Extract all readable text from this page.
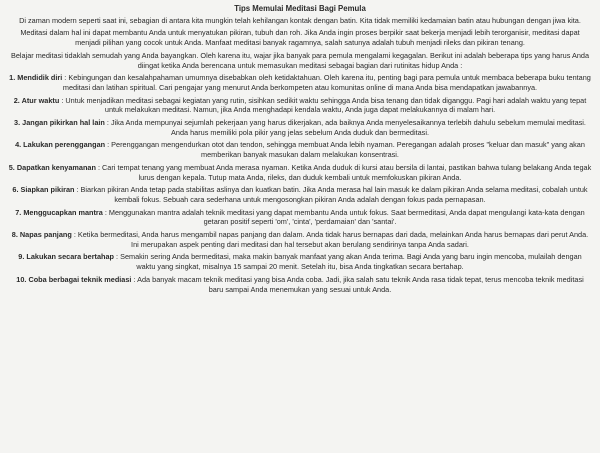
Tips Memulai Meditasi Bagi Pemula

Di zaman modern seperti saat ini, sebagian di antara kita mungkin telah kehilangan kontak dengan batin. Kita tidak memiliki kedamaian batin atau hubungan dengan jiwa kita.

Meditasi dalam hal ini dapat membantu Anda untuk menyatukan pikiran, tubuh dan roh. Jika Anda ingin proses berpikir saat bekerja menjadi lebih terorganisir, meditasi dapat menjadi pilihan yang cocok untuk Anda. Manfaat meditasi banyak ragamnya, salah satunya adalah tubuh menjadi rileks dan pikiran tenang.

Belajar meditasi tidaklah semudah yang Anda bayangkan. Oleh karena itu, wajar jika banyak para pemula mengalami kegagalan. Berikut ini adalah beberapa tips yang harus Anda diingat ketika Anda berencana untuk memasukan meditasi sebagai bagian dari rutinitas hidup Anda :

1. Mendidik diri : Kebingungan dan kesalahpahaman umumnya disebabkan oleh ketidaktahuan. Oleh karena itu, penting bagi para pemula untuk membaca beberapa buku tentang meditasi dan latihan spiritual. Cari pengajar yang menurut Anda berkompeten atau komunitas online di mana Anda bisa mendapatkan jawabannya.
2. Atur waktu : Untuk menjadikan meditasi sebagai kegiatan yang rutin, sisihkan sedikit waktu sehingga Anda bisa tenang dan tidak diganggu. Pagi hari adalah waktu yang tepat untuk melakukan meditasi. Namun, jika Anda menghadapi kendala waktu, Anda juga dapat melakukannya di malam hari.
3. Jangan pikirkan hal lain : Jika Anda mempunyai sejumlah pekerjaan yang harus dikerjakan, ada baiknya Anda menyelesaikannya terlebih dahulu sebelum memulai meditasi. Anda harus memiliki pola pikir yang jelas sebelum Anda duduk dan bermeditasi.
4. Lakukan perenggangan : Perenggangan mengendurkan otot dan tendon, sehingga membuat Anda lebih nyaman. Peregangan adalah proses "keluar dan masuk" yang akan memberikan banyak masukan dalam melakukan konsentrasi.
5. Dapatkan kenyamanan : Cari tempat tenang yang membuat Anda merasa nyaman. Ketika Anda duduk di kursi atau bersila di lantai, pastikan bahwa tulang belakang Anda tegak lurus dengan kepala. Tutup mata Anda, rileks, dan duduk kembali untuk memfokuskan pikiran Anda.
6. Siapkan pikiran : Biarkan pikiran Anda tetap pada stabilitas aslinya dan kuatkan batin. Jika Anda merasa hal lain masuk ke dalam pikiran Anda selama meditasi, cobalah untuk kembali fokus. Sebuah cara sederhana untuk mengosongkan pikiran Anda adalah dengan fokus pada pernapasan.
7. Menggucapkan mantra : Menggunakan mantra adalah teknik meditasi yang dapat membantu Anda untuk fokus. Saat bermeditasi, Anda dapat mengulangi kata-kata dengan getaran positif seperti 'om', 'cinta', 'perdamaian' dan 'santai'.
8. Napas panjang : Ketika bermeditasi, Anda harus mengambil napas panjang dan dalam. Anda tidak harus bernapas dari dada, melainkan Anda harus bernapas dari perut Anda. Ini merupakan aspek penting dari meditasi dan hal tersebut akan berulang sendirinya tanpa Anda sadari.
9. Lakukan secara bertahap : Semakin sering Anda bermeditasi, maka makin banyak manfaat yang akan Anda terima. Bagi Anda yang baru ingin mencoba, mulailah dengan waktu yang singkat, misalnya 15 sampai 20 menit. Setelah itu, bisa Anda tingkatkan secara bertahap.
10. Coba berbagai teknik mediasi : Ada banyak macam teknik meditasi yang bisa Anda coba. Jadi, jika salah satu teknik Anda rasa tidak tepat, terus mencoba teknik meditasi baru sampai Anda menemukan yang sesuai untuk Anda.
